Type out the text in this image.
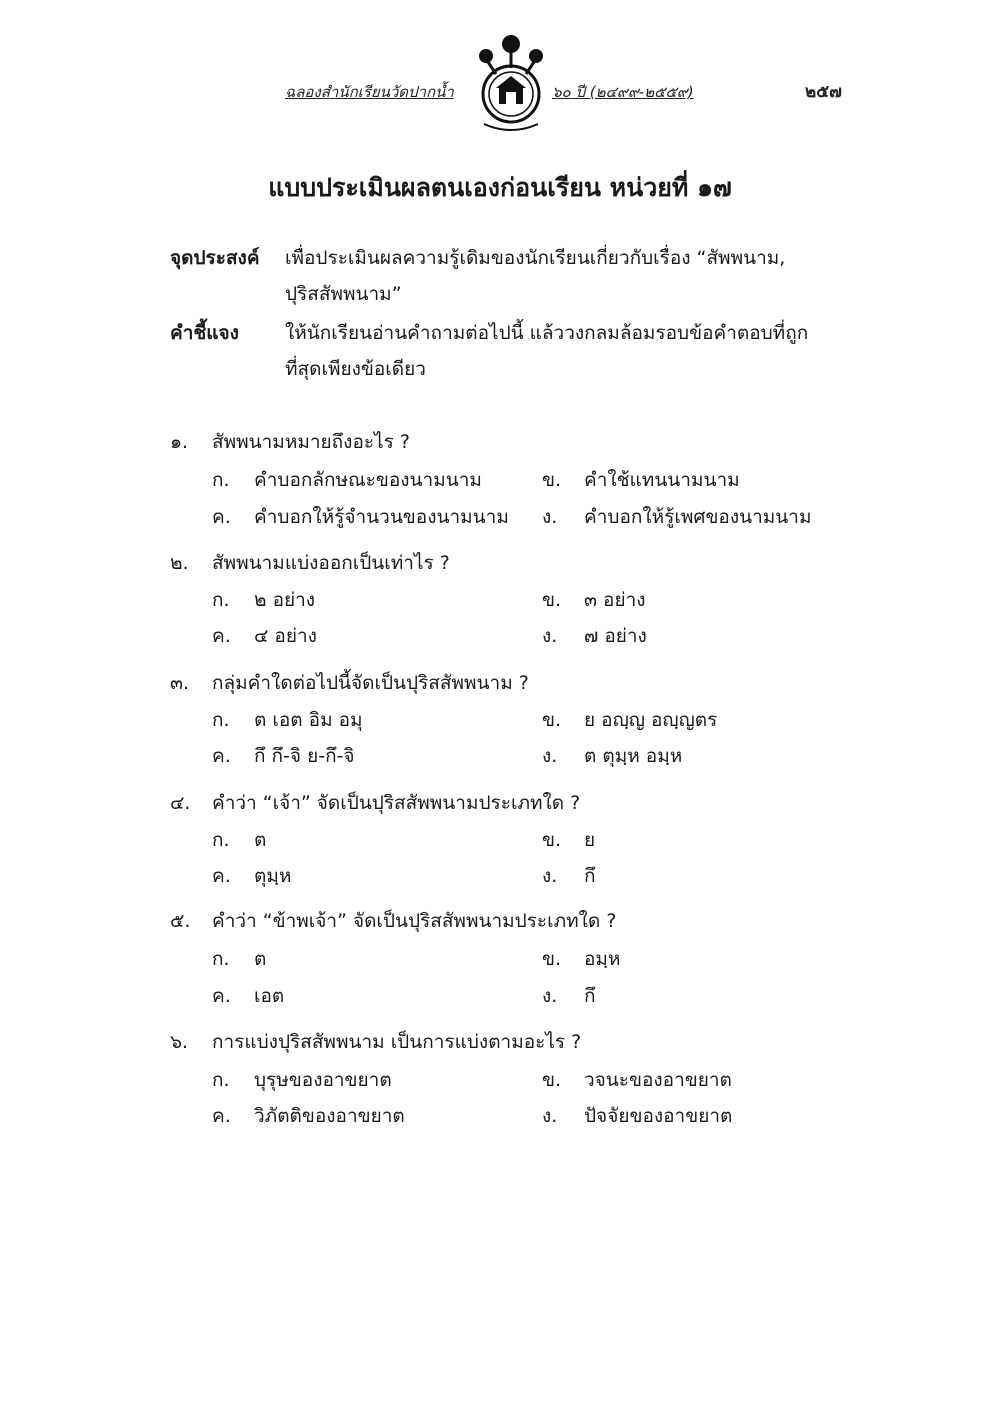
ฉลองสำนักเรียนวัดปากน้ำ	๖๐ ปี (๒๔๙๙-๒๕๕๙)	๒๕๗
แบบประเมินผลตนเองก่อนเรียน หน่วยที่ ๑๗
จุดประสงค์	เพื่อประเมินผลความรู้เดิมของนักเรียนเกี่ยวกับเรื่อง “สัพพนาม,
ปุริสสัพพนาม”
คำชี้แจง	ให้นักเรียนอ่านคำถามต่อไปนี้ แล้ววงกลมล้อมรอบข้อคำตอบที่ถูก
ที่สุดเพียงข้อเดียว
๑. สัพพนามหมายถึงอะไร ?
ก. คำบอกลักษณะของนามนาม	ข. คำใช้แทนนามนาม
ค. คำบอกให้รู้จำนวนของนามนาม ง. คำบอกให้รู้เพศของนามนาม
๒. สัพพนามแบ่งออกเป็นเท่าไร ?
ก. ๒ อย่าง	ข. ๓ อย่าง
ค. ๔ อย่าง	ง. ๗ อย่าง
๓. กลุ่มคำใดต่อไปนี้จัดเป็นปุริสสัพพนาม ?
ก. ต เอต อิม อมุ	ข. ย อญฺญ อญฺญตร
ค. กึ กึ-จิ ย-กึ-จิ	ง. ต ตุมฺห อมฺห
๔. คำว่า “เจ้า” จัดเป็นปุริสสัพพนามประเภทใด ?
ก. ต	ข. ย
ค. ตุมฺห	ง. กึ
๕. คำว่า “ข้าพเจ้า” จัดเป็นปุริสสัพพนามประเภทใด ?
ก. ต	ข. อมฺห
ค. เอต	ง. กึ
๖. การแบ่งปุริสสัพพนาม เป็นการแบ่งตามอะไร ?
ก. บุรุษของอาขยาต	ข. วจนะของอาขยาต
ค. วิภัตติของอาขยาต	ง. ปัจจัยของอาขยาต
